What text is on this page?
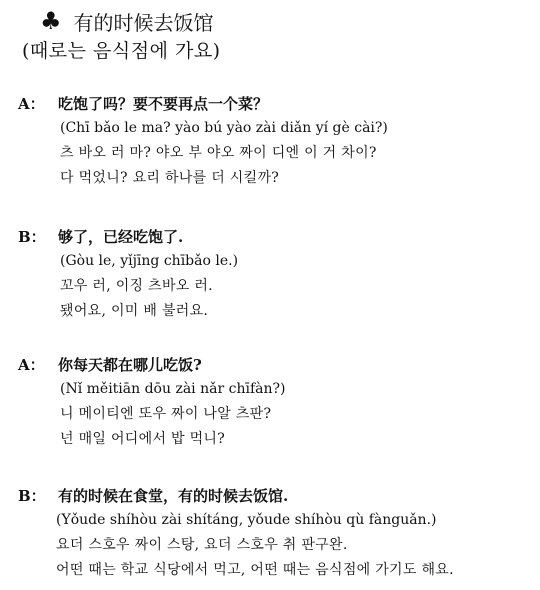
♣ 有的时候去饭馆
(때로는 음식점에 가요)
A： 吃饱了吗？要不要再点一个菜？
(Chī bǎo le ma? yào bú yào zài diǎn yí gè cài?)
츠 바오 러 마? 야오 부 야오 짜이 디엔 이 거 차이?
다 먹었니? 요리 하나를 더 시킬까?
B： 够了，已经吃饱了.
(Gòu le, yǐjīng chībǎo le.)
꼬우 러, 이징 츠바오 러.
됐어요, 이미 배 불러요.
A： 你每天都在哪儿吃饭?
(Nǐ měitiān dōu zài nǎr chīfàn?)
니 메이티엔 또우 짜이 나알 츠판?
넌 매일 어디에서 밥 먹니?
B： 有的时候在食堂，有的时候去饭馆.
(Yǒude shíhòu zài shítáng, yǒude shíhòu qù fànguǎn.)
요더 스호우 짜이 스탕, 요더 스호우 취 판구완.
어떤 때는 학교 식당에서 먹고, 어떤 때는 음식점에 가기도 해요.
